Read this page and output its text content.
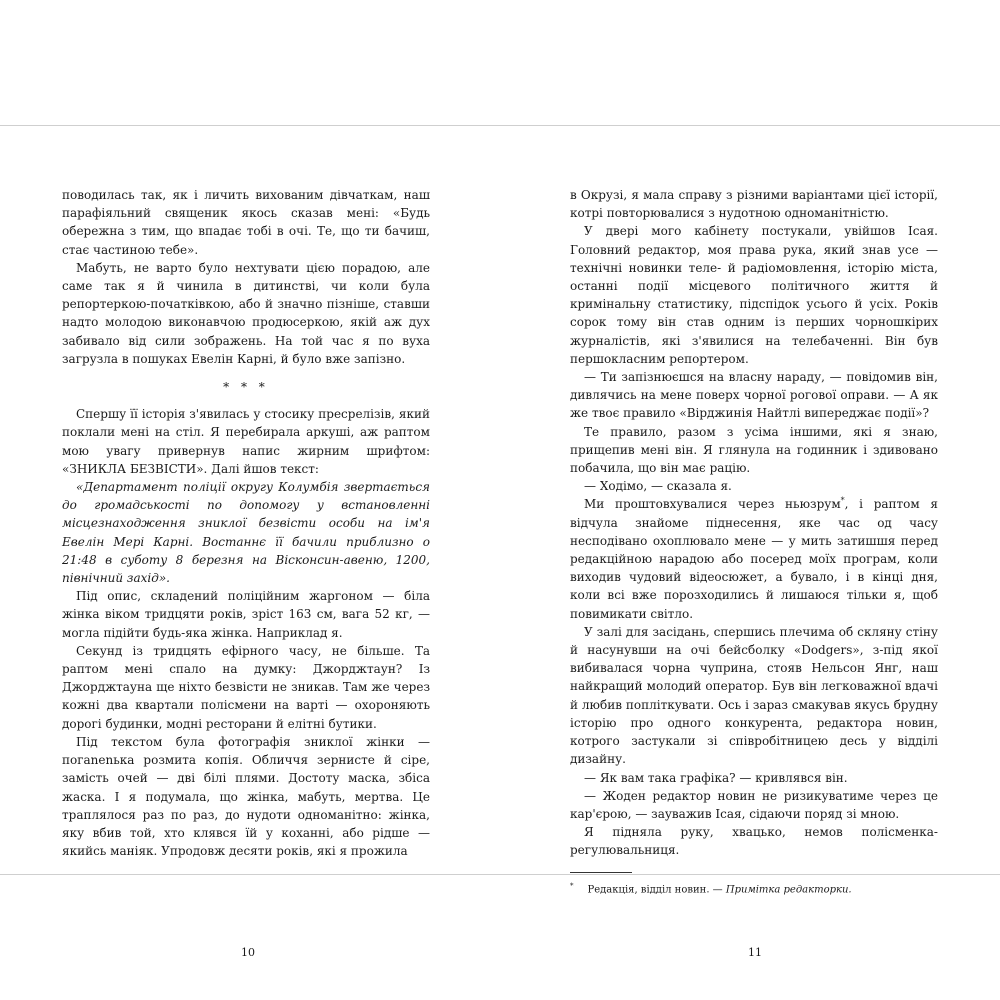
поводилась так, як і личить вихованим дівчаткам, наш парафіяльний священик якось сказав мені: «Будь обережна з тим, що впадає тобі в очі. Те, що ти бачиш, стає частиною тебе».

Мабуть, не варто було нехтувати цією порадою, але саме так я й чинила в дитинстві, чи коли була репортеркою-початківкою, або й значно пізніше, ставши надто молодою виконавчою продюсеркою, якій аж дух забивало від сили зображень. На той час я по вуха загрузла в пошуках Евелін Карні, й було вже запізно.

* * *

Спершу її історія з'явилась у стосику пресрелізів, який поклали мені на стіл. Я перебирала аркуші, аж раптом мою увагу привернув напис жирним шрифтом: «ЗНИКЛА БЕЗВІСТИ». Далі йшов текст:

«Департамент поліції округу Колумбія звертається до громадськості по допомогу у встановленні місцезнаходження зниклої безвісти особи на ім'я Евелін Мері Карні. Востаннє її бачили приблизно о 21:48 в суботу 8 березня на Вісконсин-авеню, 1200, північний захід».

Під опис, складений поліційним жаргоном — біла жінка віком тридцяти років, зріст 163 см, вага 52 кг, — могла підійти будь-яка жінка. Наприклад я.

Секунд із тридцять ефірного часу, не більше. Та раптом мені спало на думку: Джорджтаун? Із Джорджтауна ще ніхто безвісти не зникав. Там же через кожні два квартали полісмени на варті — охороняють дорогі будинки, модні ресторани й елітні бутики.

Під текстом була фотографія зниклої жінки — погanenька розмита копія. Обличчя зернисте й сіре, замість очей — дві білі плями. Достоту маска, збіса жаска. І я подумала, що жінка, мабуть, мертва. Це траплялося раз по раз, до нудоти одноманітно: жінка, яку вбив той, хто клявся їй у коханні, або рідше — якийсь маніяк. Упродовж десяти років, які я прожила

в Окрузі, я мала справу з різними варіантами цієї історії, котрі повторювалися з нудотною одноманітністю.

У двері мого кабінету постукали, увійшов Ісая. Головний редактор, моя права рука, який знав усе — технічні новинки теле- й радіомовлення, історію міста, останні події місцевого політичного життя й кримінальну статистику, підспідок усього й усіх. Років сорок тому він став одним із перших чорношкірих журналістів, які з'явилися на телебаченні. Він був першокласним репортером.

— Ти запізнюєшся на власну нараду, — повідомив він, дивлячись на мене поверх чорної рогової оправи. — А як же твоє правило «Вірджинія Найтлі випереджає події»?

Те правило, разом з усіма іншими, які я знаю, прищепив мені він. Я глянула на годинник і здивовано побачила, що він має рацію.

— Ходімо, — сказала я.

Ми проштовхувалися через ньюзрум*, і раптом я відчула знайоме піднесення, яке час од часу несподівано охоплювало мене — у мить затишшя перед редакційною нарадою або посеред моїх програм, коли виходив чудовий відеосюжет, а бувало, і в кінці дня, коли всі вже порозходились й лишаюся тільки я, щоб повимикати світло.

У залі для засідань, спершись плечима об скляну стіну й насунувши на очі бейсболку «Dodgers», з-під якої вибивалася чорна чуприна, стояв Нельсон Янг, наш найкращий молодий оператор. Був він легковажної вдачі й любив поплiткувати. Ось і зараз смакував якусь брудну історію про одного конкурента, редактора новин, котрого застукали зі співробітницею десь у відділі дизайну.

— Як вам така графіка? — кривлявся він.

— Жоден редактор новин не ризикуватиме через це кар'єрою, — зауважив Ісая, сідаючи поряд зі мною.

Я підняла руку, хвацько, немов полісменка-регулювальниця.

* Редакція, відділ новин. — Примітка редакторки.

10	11
